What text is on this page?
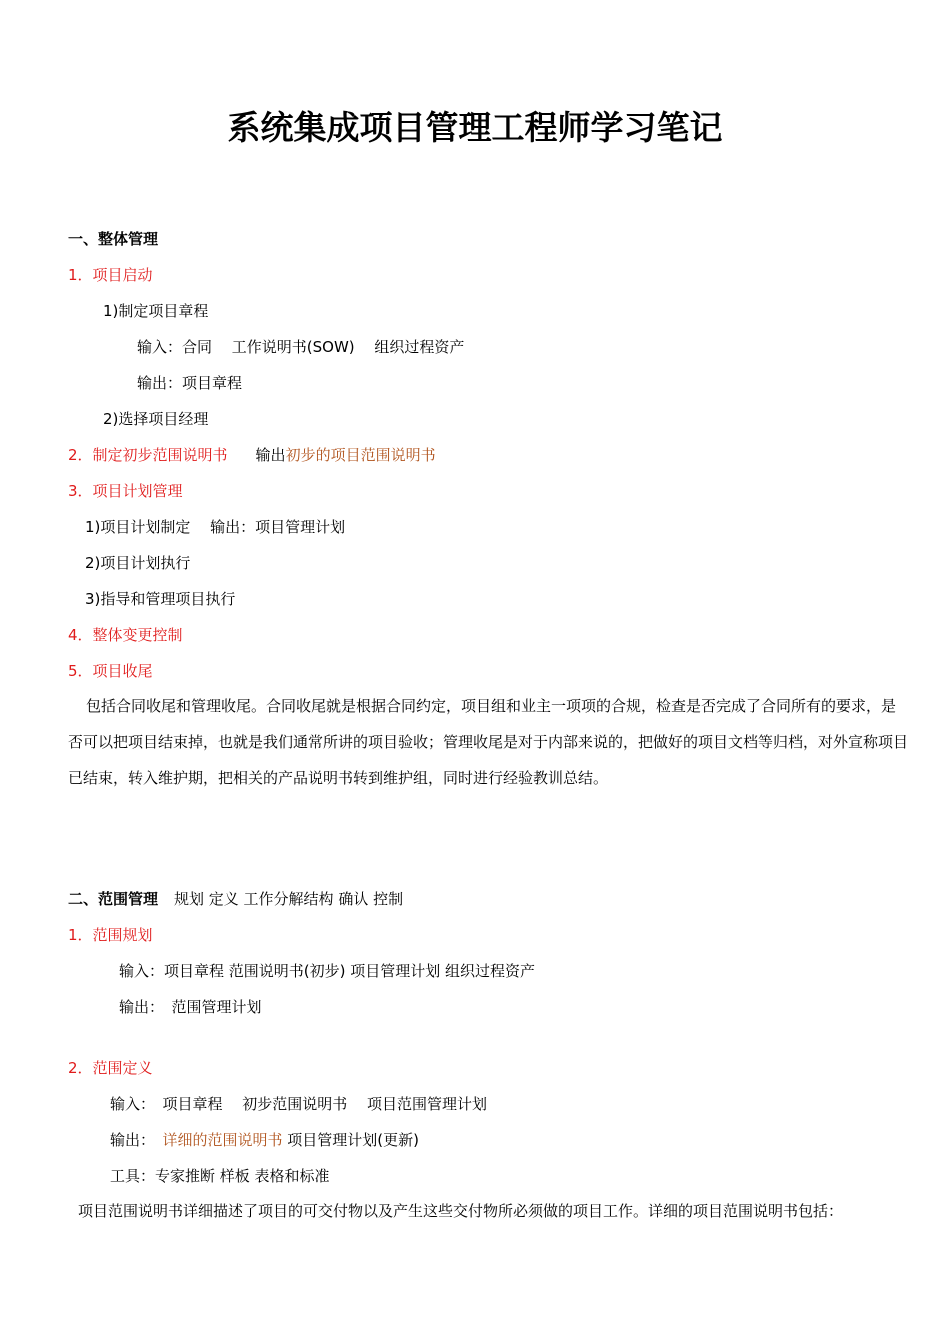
系统集成项目管理工程师学习笔记
一、整体管理
1．项目启动
1)制定项目章程
输入：合同　 工作说明书(SOW)　 组织过程资产
输出：项目章程
2)选择项目经理
2．制定初步范围说明书 输出初步的项目范围说明书
3．项目计划管理
1)项目计划制定　 输出：项目管理计划
2)项目计划执行
3)指导和管理项目执行
4．整体变更控制
5．项目收尾
包括合同收尾和管理收尾。合同收尾就是根据合同约定，项目组和业主一项项的合规，检查是否完成了合同所有的要求，是否可以把项目结束掉，也就是我们通常所讲的项目验收；管理收尾是对于内部来说的，把做好的项目文档等归档，对外宣称项目已结束，转入维护期，把相关的产品说明书转到维护组，同时进行经验教训总结。
二、范围管理 规划 定义 工作分解结构 确认 控制
1．范围规划
输入：项目章程 范围说明书(初步) 项目管理计划 组织过程资产
输出：　范围管理计划
2．范围定义
输入：　项目章程　 初步范围说明书　 项目范围管理计划
输出：　详细的范围说明书 项目管理计划(更新)
工具：专家推断 样板 表格和标准
项目范围说明书详细描述了项目的可交付物以及产生这些交付物所必须做的项目工作。详细的项目范围说明书包括：
